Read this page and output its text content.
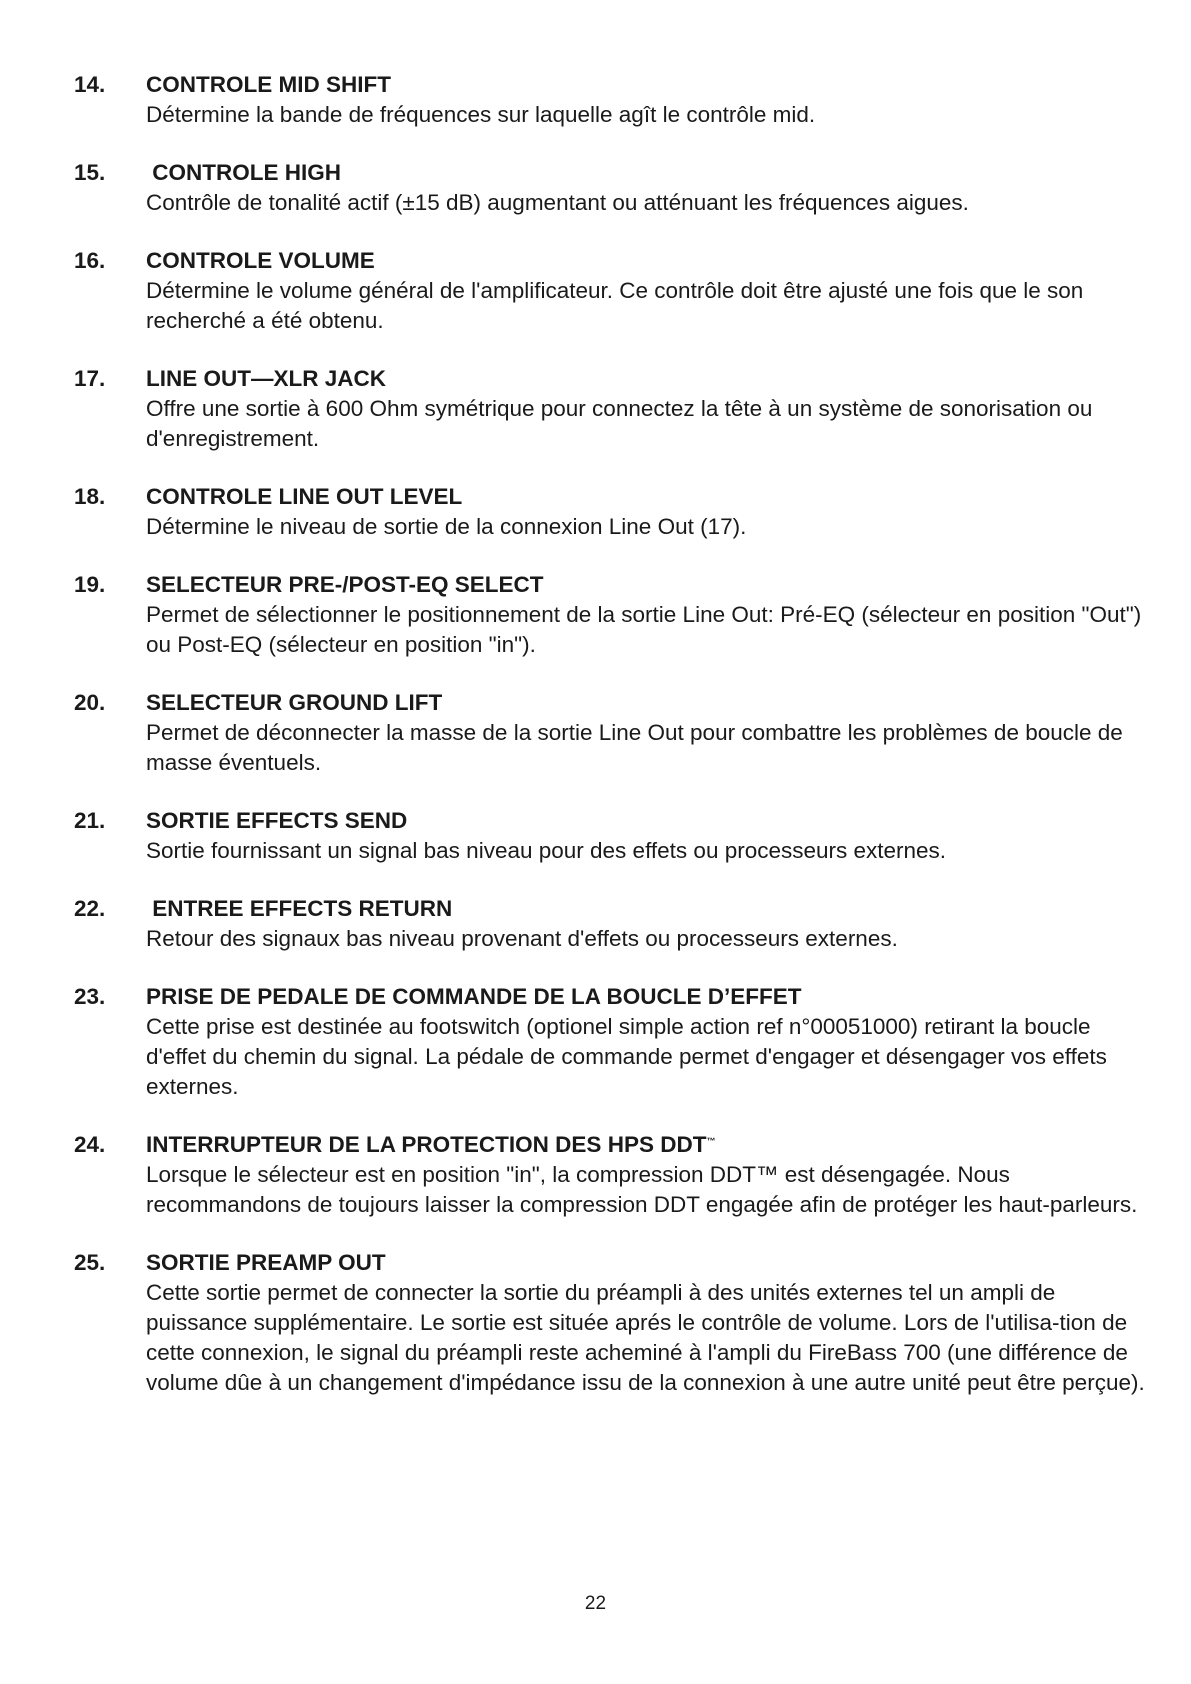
14. CONTROLE MID SHIFT

Détermine la bande de fréquences sur laquelle agît le contrôle mid.

15. CONTROLE HIGH

Contrôle de tonalité actif (±15 dB) augmentant ou atténuant les fréquences aigues.

16. CONTROLE VOLUME

Détermine le volume général de l'amplificateur. Ce contrôle doit être ajusté une fois que le son recherché a été obtenu.

17. LINE OUT—XLR JACK

Offre une sortie à 600 Ohm symétrique pour connectez la tête à un système de sonorisation ou d'enregistrement.

18. CONTROLE LINE OUT LEVEL

Détermine le niveau de sortie de la connexion Line Out (17).

19. SELECTEUR PRE-/POST-EQ SELECT

Permet de sélectionner le positionnement de la sortie Line Out: Pré-EQ (sélecteur en position "Out") ou Post-EQ (sélecteur en position "in").

20. SELECTEUR GROUND LIFT

Permet de déconnecter la masse de la sortie Line Out pour combattre les problèmes de boucle de masse éventuels.

21. SORTIE EFFECTS SEND

Sortie fournissant un signal bas niveau pour des effets ou processeurs externes.

22. ENTREE EFFECTS RETURN

Retour des signaux bas niveau provenant d'effets ou processeurs externes.

23. PRISE DE PEDALE DE COMMANDE DE LA BOUCLE D’EFFET

Cette prise est destinée au footswitch (optionel simple action ref n°00051000) retirant la boucle d'effet du chemin du signal. La pédale de commande permet d'engager et désengager vos effets externes.

24. INTERRUPTEUR DE LA PROTECTION DES HPS DDT™

Lorsque le sélecteur est en position "in", la compression DDT™ est désengagée. Nous recommandons de toujours laisser la compression DDT engagée afin de protéger les haut-parleurs.

25. SORTIE PREAMP OUT

Cette sortie permet de connecter la sortie du préampli à des unités externes tel un ampli de puissance supplémentaire. Le sortie est située aprés le contrôle de volume. Lors de l'utilisa-tion de cette connexion, le signal du préampli reste acheminé à l'ampli du FireBass 700 (une différence de volume dûe à un changement d'impédance issu de la connexion à une autre unité peut être perçue).

22
